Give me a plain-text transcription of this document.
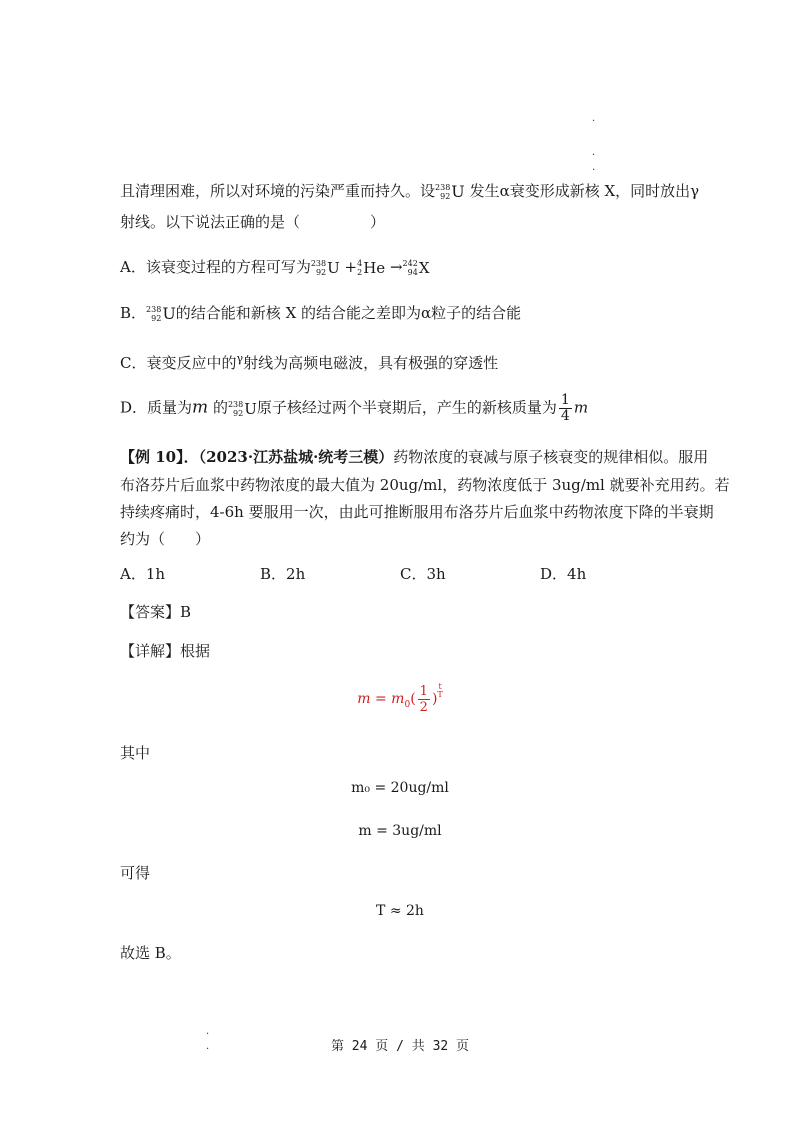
·
·
·
且清理困难，所以对环境的污染严重而持久。设 238
92 U 发生α衰变形成新核 X，同时放出γ
射线。以下说法正确的是（	）
A．该衰变过程的方程可写为 238
92 U + 4
2 He → 242
94 X
B． 238
92 U 的结合能和新核 X 的结合能之差即为α粒子的结合能
C．衰变反应中的$^\gamma$射线为高频电磁波，具有极强的穿透性
D．质量为m 的 238
92 U 原子核经过两个半衰期后，产生的新核质量为 $\frac{1}{4}$ m
【例 10】．（2023·江苏盐城·统考三模）药物浓度的衰减与原子核衰变的规律相似。服用
布洛芬片后血浆中药物浓度的最大值为 20ug/ml，药物浓度低于 3ug/ml 就要补充用药。若
持续疼痛时，4-6h 要服用一次，由此可推断服用布洛芬片后血浆中药物浓度下降的半衰期
约为（　　）
A．1h	B．2h	C．3h	D．4h
【答案】B
【详解】根据
$m = m_0( \frac{1}{2}$ )
$^{t T}$
其中
m₀ = 20ug/ml
m = 3ug/ml
可得
T ≈ 2h
故选 B。
·
·	第 24 页 / 共 32 页
